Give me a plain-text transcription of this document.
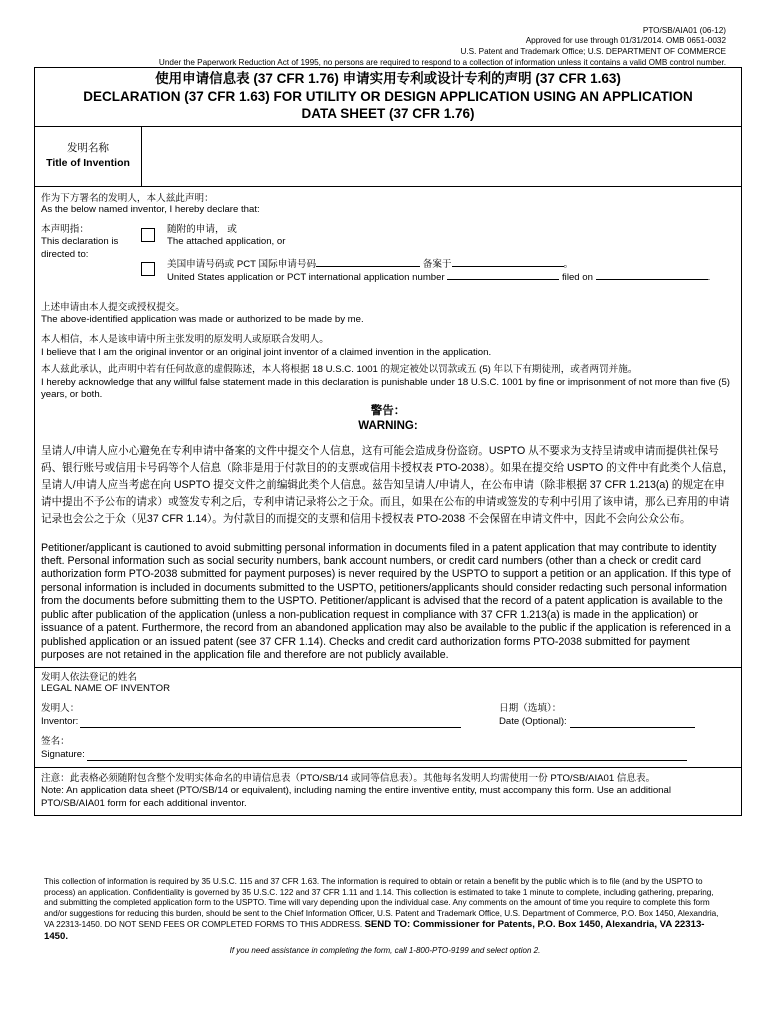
PTO/SB/AIA01 (06-12)
Approved for use through 01/31/2014. OMB 0651-0032
U.S. Patent and Trademark Office; U.S. DEPARTMENT OF COMMERCE
Under the Paperwork Reduction Act of 1995, no persons are required to respond to a collection of information unless it contains a valid OMB control number.
使用申请信息表 (37 CFR 1.76) 申请实用专利或设计专利的声明 (37 CFR 1.63)
DECLARATION (37 CFR 1.63) FOR UTILITY OR DESIGN APPLICATION USING AN APPLICATION
DATA SHEET (37 CFR 1.76)
发明名称
Title of Invention
作为下方署名的发明人，本人兹此声明：
As the below named inventor, I hereby declare that:
本声明指：
This declaration is
directed to:
随附的申请， 或
The attached application, or
美国申请号码或 PCT 国际申请号码	备案于	。
United States application or PCT international application number	filed on	.
上述申请由本人提交或授权提交。
The above-identified application was made or authorized to be made by me.
本人相信，本人是该申请中所主张发明的原发明人或原联合发明人。
I believe that I am the original inventor or an original joint inventor of a claimed invention in the application.
本人兹此承认，此声明中若有任何故意的虚假陈述，本人将根据 18 U.S.C. 1001 的规定被处以罚款或五 (5) 年以下有期徒刑，或者两罚并施。
I hereby acknowledge that any willful false statement made in this declaration is punishable under 18 U.S.C. 1001 by fine or imprisonment of not more than five (5) years, or both.
警告：
WARNING:
呈请人/申请人应小心避免在专利申请中备案的文件中提交个人信息，这有可能会造成身份盗窃。USPTO 从不要求为支持呈请或申请而提供社保号码、银行账号或信用卡号码等个人信息（除非是用于付款目的的支票或信用卡授权表 PTO-2038）。如果在提交给 USPTO 的文件中有此类个人信息，呈请人/申请人应当考虑在向 USPTO 提交文件之前编辑此类个人信息。兹告知呈请人/申请人，在公布申请（除非根据 37 CFR 1.213(a) 的规定在申请中提出不予公布的请求）或签发专利之后，专利申请记录将公之于众。而且，如果在公布的申请或签发的专利中引用了该申请，那么已弃用的申请记录也会公之于众（见37 CFR 1.14）。为付款目的而提交的支票和信用卡授权表 PTO-2038 不会保留在申请文件中，因此不会向公众公布。
Petitioner/applicant is cautioned to avoid submitting personal information in documents filed in a patent application that may contribute to identity theft. Personal information such as social security numbers, bank account numbers, or credit card numbers (other than a check or credit card authorization form PTO-2038 submitted for payment purposes) is never required by the USPTO to support a petition or an application. If this type of personal information is included in documents submitted to the USPTO, petitioners/applicants should consider redacting such personal information from the documents before submitting them to the USPTO. Petitioner/applicant is advised that the record of a patent application is available to the public after publication of the application (unless a non-publication request in compliance with 37 CFR 1.213(a) is made in the application) or issuance of a patent. Furthermore, the record from an abandoned application may also be available to the public if the application is referenced in a published application or an issued patent (see 37 CFR 1.14). Checks and credit card authorization forms PTO-2038 submitted for payment purposes are not retained in the application file and therefore are not publicly available.
发明人依法登记的姓名
LEGAL NAME OF INVENTOR
发明人：
Inventor:
日期（选填）：
Date (Optional):
签名：
Signature:
注意：此表格必须随附包含整个发明实体命名的申请信息表（PTO/SB/14 或同等信息表）。其他每名发明人均需使用一份 PTO/SB/AIA01 信息表。
Note: An application data sheet (PTO/SB/14 or equivalent), including naming the entire inventive entity, must accompany this form. Use an additional PTO/SB/AIA01 form for each additional inventor.
This collection of information is required by 35 U.S.C. 115 and 37 CFR 1.63. The information is required to obtain or retain a benefit by the public which is to file (and by the USPTO to process) an application. Confidentiality is governed by 35 U.S.C. 122 and 37 CFR 1.11 and 1.14. This collection is estimated to take 1 minute to complete, including gathering, preparing, and submitting the completed application form to the USPTO. Time will vary depending upon the individual case. Any comments on the amount of time you require to complete this form and/or suggestions for reducing this burden, should be sent to the Chief Information Officer, U.S. Patent and Trademark Office, U.S. Department of Commerce, P.O. Box 1450, Alexandria, VA 22313-1450. DO NOT SEND FEES OR COMPLETED FORMS TO THIS ADDRESS. SEND TO: Commissioner for Patents, P.O. Box 1450, Alexandria, VA 22313-1450.
If you need assistance in completing the form, call 1-800-PTO-9199 and select option 2.
